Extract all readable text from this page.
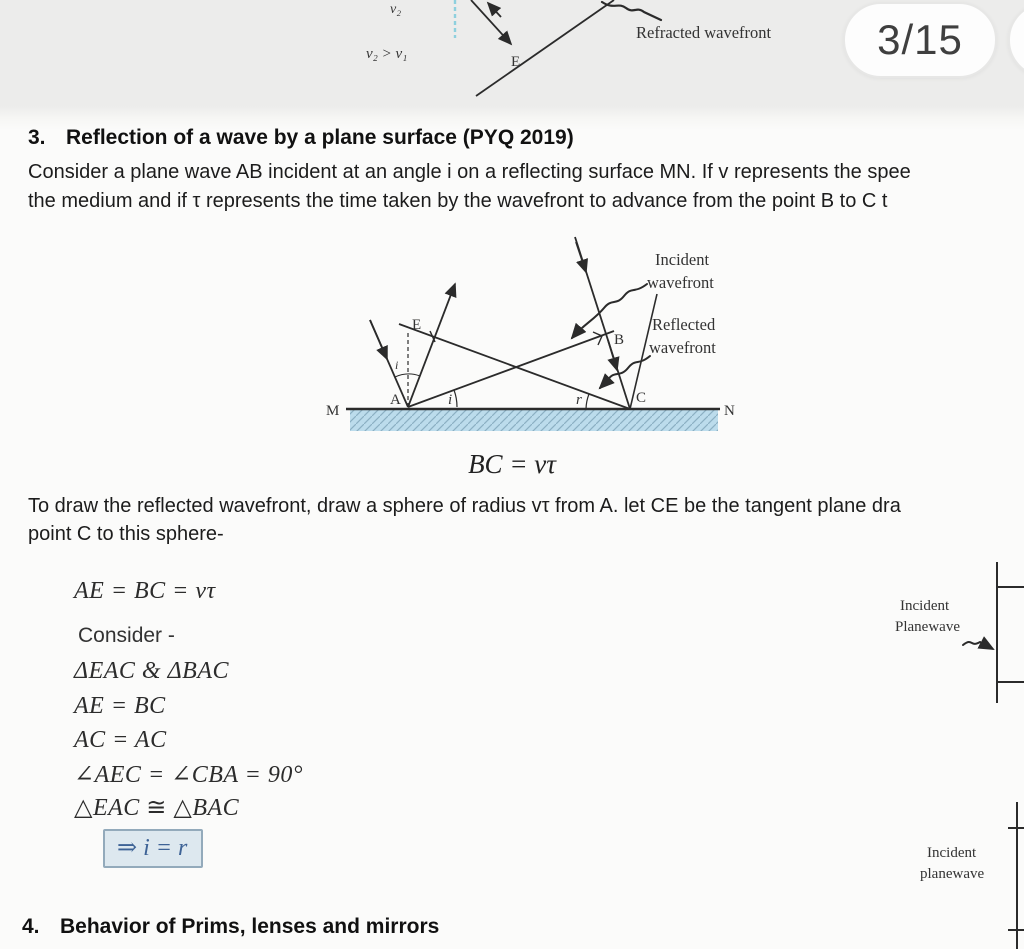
v₂
v₂ > v₁	E
Refracted wavefront	3/15
3. Reflection of a wave by a plane surface (PYQ 2019)
Consider a plane wave AB incident at an angle i on a reflecting surface MN. If v represents the spee
the medium and if τ represents the time taken by the wavefront to advance from the point B to C t
M	N
A
B
C
E
i	r
i
Incident
wavefront
Reflected
wavefront
BC = vτ
To draw the reflected wavefront, draw a sphere of radius vτ from A. let CE be the tangent plane dra
point C to this sphere-
AE = BC = vτ
Consider -
ΔEAC & ΔBAC
AE = BC
AC = AC
∠AEC = ∠CBA = 90°
△EAC ≅ △BAC
⇒ i = r
Incident
Planewave
Incident
planewave
4. Behavior of Prims, lenses and mirrors
